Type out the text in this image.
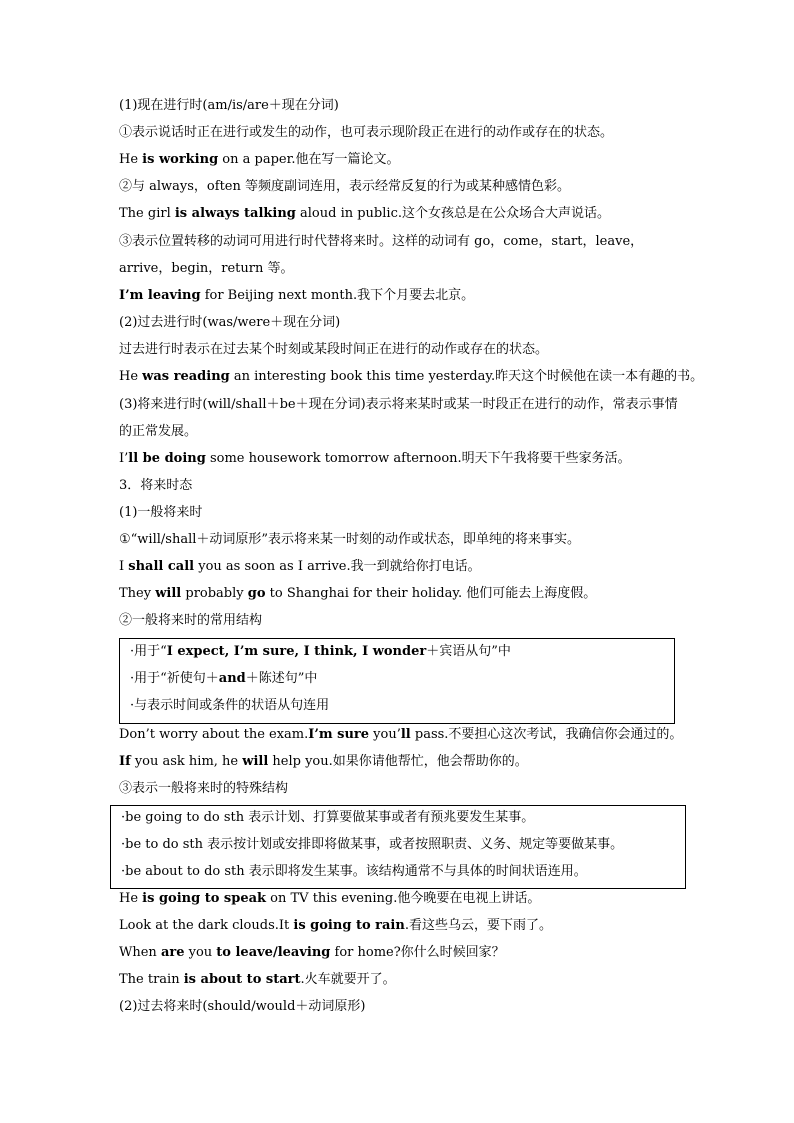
(1)现在进行时(am/is/are＋现在分词)
①表示说话时正在进行或发生的动作，也可表示现阶段正在进行的动作或存在的状态。
He is working on a paper.他在写一篇论文。
②与 always，often 等频度副词连用，表示经常反复的行为或某种感情色彩。
The girl is always talking aloud in public.这个女孩总是在公众场合大声说话。
③表示位置转移的动词可用进行时代替将来时。这样的动词有 go，come，start，leave，arrive，begin，return 等。
I’m leaving for Beijing next month.我下个月要去北京。
(2)过去进行时(was/were＋现在分词)
过去进行时表示在过去某个时刻或某段时间正在进行的动作或存在的状态。
He was reading an interesting book this time yesterday.昨天这个时候他在读一本有趣的书。
(3)将来进行时(will/shall＋be＋现在分词)表示将来某时或某一时段正在进行的动作，常表示事情的正常发展。
I’ll be doing some housework tomorrow afternoon.明天下午我将要干些家务活。
3．将来时态
(1)一般将来时
①“will/shall＋动词原形”表示将来某一时刻的动作或状态，即单纯的将来事实。
I shall call you as soon as I arrive.我一到就给你打电话。
They will probably go to Shanghai for their holiday. 他们可能去上海度假。
②一般将来时的常用结构
·用于“I expect, I’m sure, I think, I wonder＋宾语从句”中
·用于“祈使句＋and＋陈述句”中
·与表示时间或条件的状语从句连用
Don’t worry about the exam.I’m sure you’ll pass.不要担心这次考试，我确信你会通过的。
If you ask him, he will help you.如果你请他帮忙，他会帮助你的。
③表示一般将来时的特殊结构
·be going to do sth 表示计划、打算要做某事或者有预兆要发生某事。
·be to do sth 表示按计划或安排即将做某事，或者按照职责、义务、规定等要做某事。
·be about to do sth 表示即将发生某事。该结构通常不与具体的时间状语连用。
He is going to speak on TV this evening.他今晚要在电视上讲话。
Look at the dark clouds.It is going to rain.看这些乌云，要下雨了。
When are you to leave/leaving for home?你什么时候回家？
The train is about to start.火车就要开了。
(2)过去将来时(should/would＋动词原形)
